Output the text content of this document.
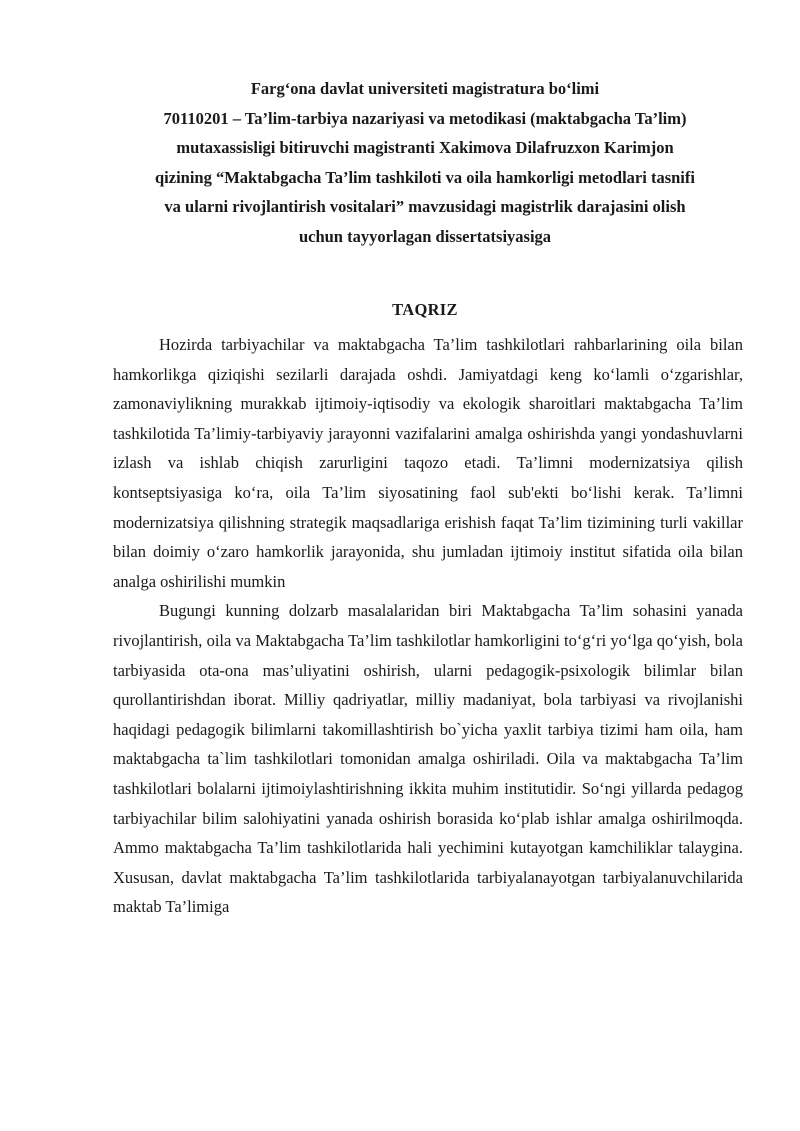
Farg‘ona davlat universiteti magistratura bo‘limi
70110201 – Ta’lim-tarbiya nazariyasi va metodikasi (maktabgacha Ta’lim)
mutaxassisligi bitiruvchi magistranti Xakimova Dilafruzxon Karimjon
qizining “Maktabgacha Ta’lim tashkiloti va oila hamkorligi metodlari tasnifi
va ularni rivojlantirish vositalari” mavzusidagi magistrlik darajasini olish
uchun tayyorlagan dissertatsiyasiga
TAQRIZ

Hozirda tarbiyachilar va maktabgacha Ta’lim tashkilotlari rahbarlarining oila bilan hamkorlikga qiziqishi sezilarli darajada oshdi. Jamiyatdagi keng ko‘lamli o‘zgarishlar, zamonaviylikning murakkab ijtimoiy-iqtisodiy va ekologik sharoitlari maktabgacha Ta’lim tashkilotida Ta’limiy-tarbiyaviy jarayonni vazifalarini amalga oshirishda yangi yondashuvlarni izlash va ishlab chiqish zarurligini taqozo etadi. Ta’limni modernizatsiya qilish kontseptsiyasiga ko‘ra, oila Ta’lim siyosatining faol sub'ekti bo‘lishi kerak. Ta’limni modernizatsiya qilishning strategik maqsadlariga erishish faqat Ta’lim tizimining turli vakillar bilan doimiy o‘zaro hamkorlik jarayonida, shu jumladan ijtimoiy institut sifatida oila bilan analga oshirilishi mumkin

Bugungi kunning dolzarb masalalaridan biri Maktabgacha Ta’lim sohasini yanada rivojlantirish, oila va Maktabgacha Ta’lim tashkilotlar hamkorligini to‘g‘ri yo‘lga qo‘yish, bola tarbiyasida ota-ona mas’uliyatini oshirish, ularni pedagogik-psixologik bilimlar bilan qurollantirishdan iborat. Milliy qadriyatlar, milliy madaniyat, bola tarbiyasi va rivojlanishi haqidagi pedagogik bilimlarni takomillashtirish bo`yicha yaxlit tarbiya tizimi ham oila, ham maktabgacha ta`lim tashkilotlari tomonidan amalga oshiriladi. Oila va maktabgacha Ta’lim tashkilotlari bolalarni ijtimoiylashtirishning ikkita muhim institutidir. So‘ngi yillarda pedagog tarbiyachilar bilim salohiyatini yanada oshirish borasida ko‘plab ishlar amalga oshirilmoqda. Ammo maktabgacha Ta’lim tashkilotlarida hali yechimini kutayotgan kamchiliklar talaygina. Xususan, davlat maktabgacha Ta’lim tashkilotlarida tarbiyalanayotgan tarbiyalanuvchilarida maktab Ta’limiga
